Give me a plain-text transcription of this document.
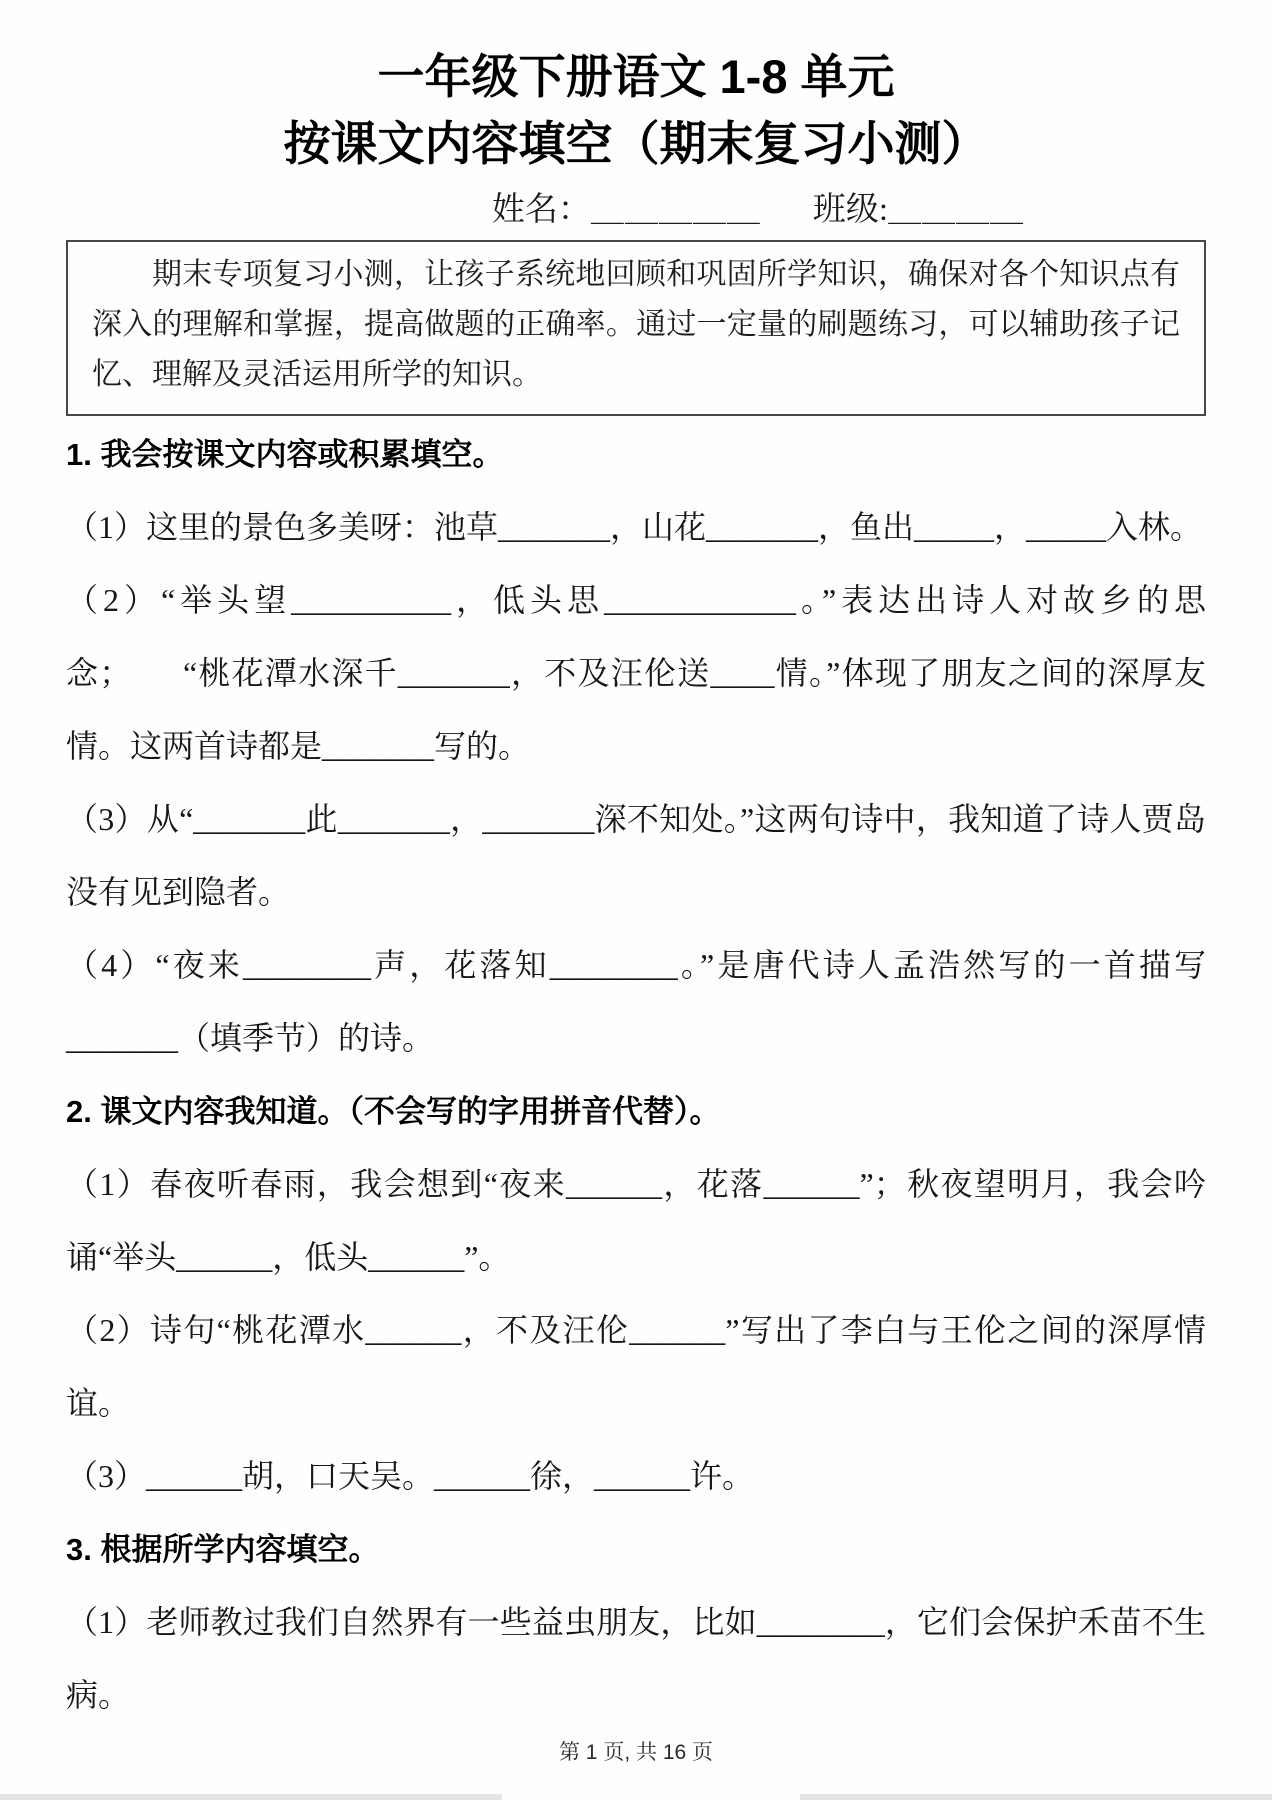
一年级下册语文 1-8 单元
按课文内容填空（期末复习小测）
姓名：＿＿＿＿＿ 班级:＿＿＿＿

期末专项复习小测，让孩子系统地回顾和巩固所学知识，确保对各个知识点有深入的理解和掌握，提高做题的正确率。通过一定量的刷题练习，可以辅助孩子记忆、理解及灵活运用所学的知识。

1. 我会按课文内容或积累填空。

（1）这里的景色多美呀：池草_______，山花_______，鱼出_____，_____入林。

（2）“举头望__________，低头思____________。”表达出诗人对故乡的思念；　　“桃花潭水深千_______，不及汪伦送____情。”体现了朋友之间的深厚友情。这两首诗都是_______写的。

（3）从“_______此_______，_______深不知处。”这两句诗中，我知道了诗人贾岛没有见到隐者。

（4）“夜来________声，花落知________。”是唐代诗人孟浩然写的一首描写_______（填季节）的诗。

2. 课文内容我知道。（不会写的字用拼音代替）。

（1）春夜听春雨，我会想到“夜来______，花落______”；秋夜望明月，我会吟诵“举头______，低头______”。

（2）诗句“桃花潭水______，不及汪伦______”写出了李白与王伦之间的深厚情谊。

（3）______胡，口天吴。______徐，______许。

3. 根据所学内容填空。

（1）老师教过我们自然界有一些益虫朋友，比如________，它们会保护禾苗不生病。

第 1 页, 共 16 页
